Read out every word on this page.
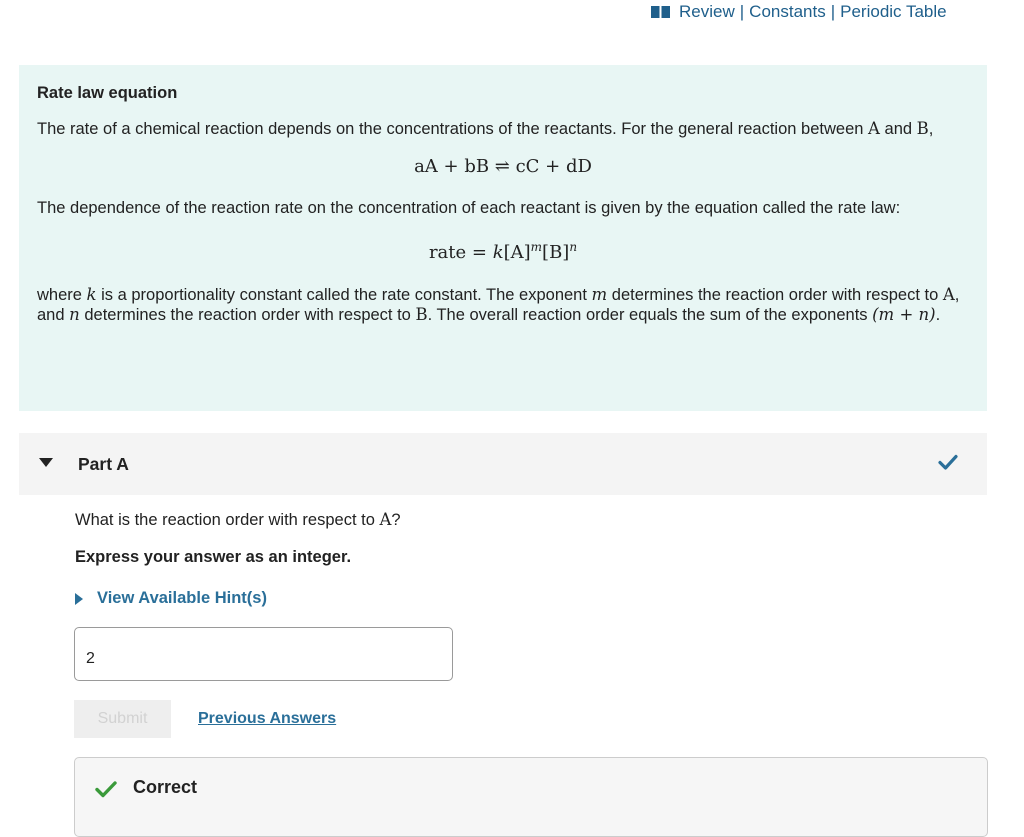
Review | Constants | Periodic Table
Rate law equation

The rate of a chemical reaction depends on the concentrations of the reactants. For the general reaction between A and B,

aA + bB ⇌ cC + dD

The dependence of the reaction rate on the concentration of each reactant is given by the equation called the rate law:

rate = $k[A]^m[B]^n$

where k is a proportionality constant called the rate constant. The exponent m determines the reaction order with respect to A, and n determines the reaction order with respect to B. The overall reaction order equals the sum of the exponents (m + n).

Part A
What is the reaction order with respect to A?
Express your answer as an integer.
View Available Hint(s)
2
Submit	Previous Answers
Correct
